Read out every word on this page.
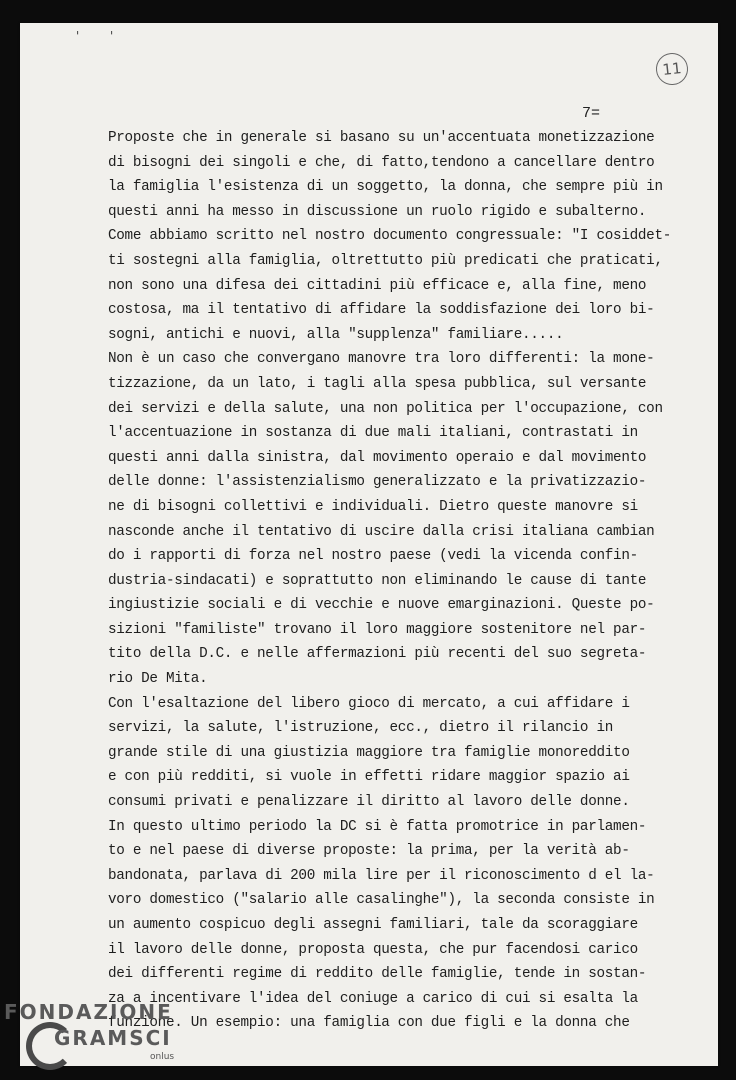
' '
11
7=
Proposte che in generale si basano su un'accentuata monetizzazione
di bisogni dei singoli e che, di fatto,tendono a cancellare dentro
la famiglia l'esistenza di un soggetto, la donna, che sempre più in
questi anni ha messo in discussione un ruolo rigido e subalterno.
Come abbiamo scritto nel nostro documento congressuale: "I cosiddet-
ti sostegni alla famiglia, oltrettutto più predicati che praticati,
non sono una difesa dei cittadini più efficace e, alla fine, meno
costosa, ma il tentativo di affidare la soddisfazione dei loro bi-
sogni, antichi e nuovi, alla "supplenza" familiare.....
Non è un caso che convergano manovre tra loro differenti: la mone-
tizzazione, da un lato, i tagli alla spesa pubblica, sul versante
dei servizi e della salute, una non politica per l'occupazione, con
l'accentuazione in sostanza di due mali italiani, contrastati in
questi anni dalla sinistra, dal movimento operaio e dal movimento
delle donne: l'assistenzialismo generalizzato e la privatizzazio-
ne di bisogni collettivi e individuali. Dietro queste manovre si
nasconde anche il tentativo di uscire dalla crisi italiana cambian
do i rapporti di forza nel nostro paese (vedi la vicenda confin-
dustria-sindacati) e soprattutto non eliminando le cause di tante
ingiustizie sociali e di vecchie e nuove emarginazioni. Queste po-
sizioni "familiste" trovano il loro maggiore sostenitore nel par-
tito della D.C. e nelle affermazioni più recenti del suo segreta-
rio De Mita.
Con l'esaltazione del libero gioco di mercato, a cui affidare i
servizi, la salute, l'istruzione, ecc., dietro il rilancio in
grande stile di una giustizia maggiore tra famiglie monoreddito
e con più redditi, si vuole in effetti ridare maggior spazio ai
consumi privati e penalizzare il diritto al lavoro delle donne.
In questo ultimo periodo la DC si è fatta promotrice in parlamen-
to e nel paese di diverse proposte: la prima, per la verità ab-
bandonata, parlava di 200 mila lire per il riconoscimento d el la-
voro domestico ("salario alle casalinghe"), la seconda consiste in
un aumento cospicuo degli assegni familiari, tale da scoraggiare
il lavoro delle donne, proposta questa, che pur facendosi carico
dei differenti regime di reddito delle famiglie, tende in sostan-
za a incentivare l'idea del coniuge a carico di cui si esalta la
funzione. Un esempio: una famiglia con due figli e la donna che
FONDAZIONE
GRAMSCI
onlus
